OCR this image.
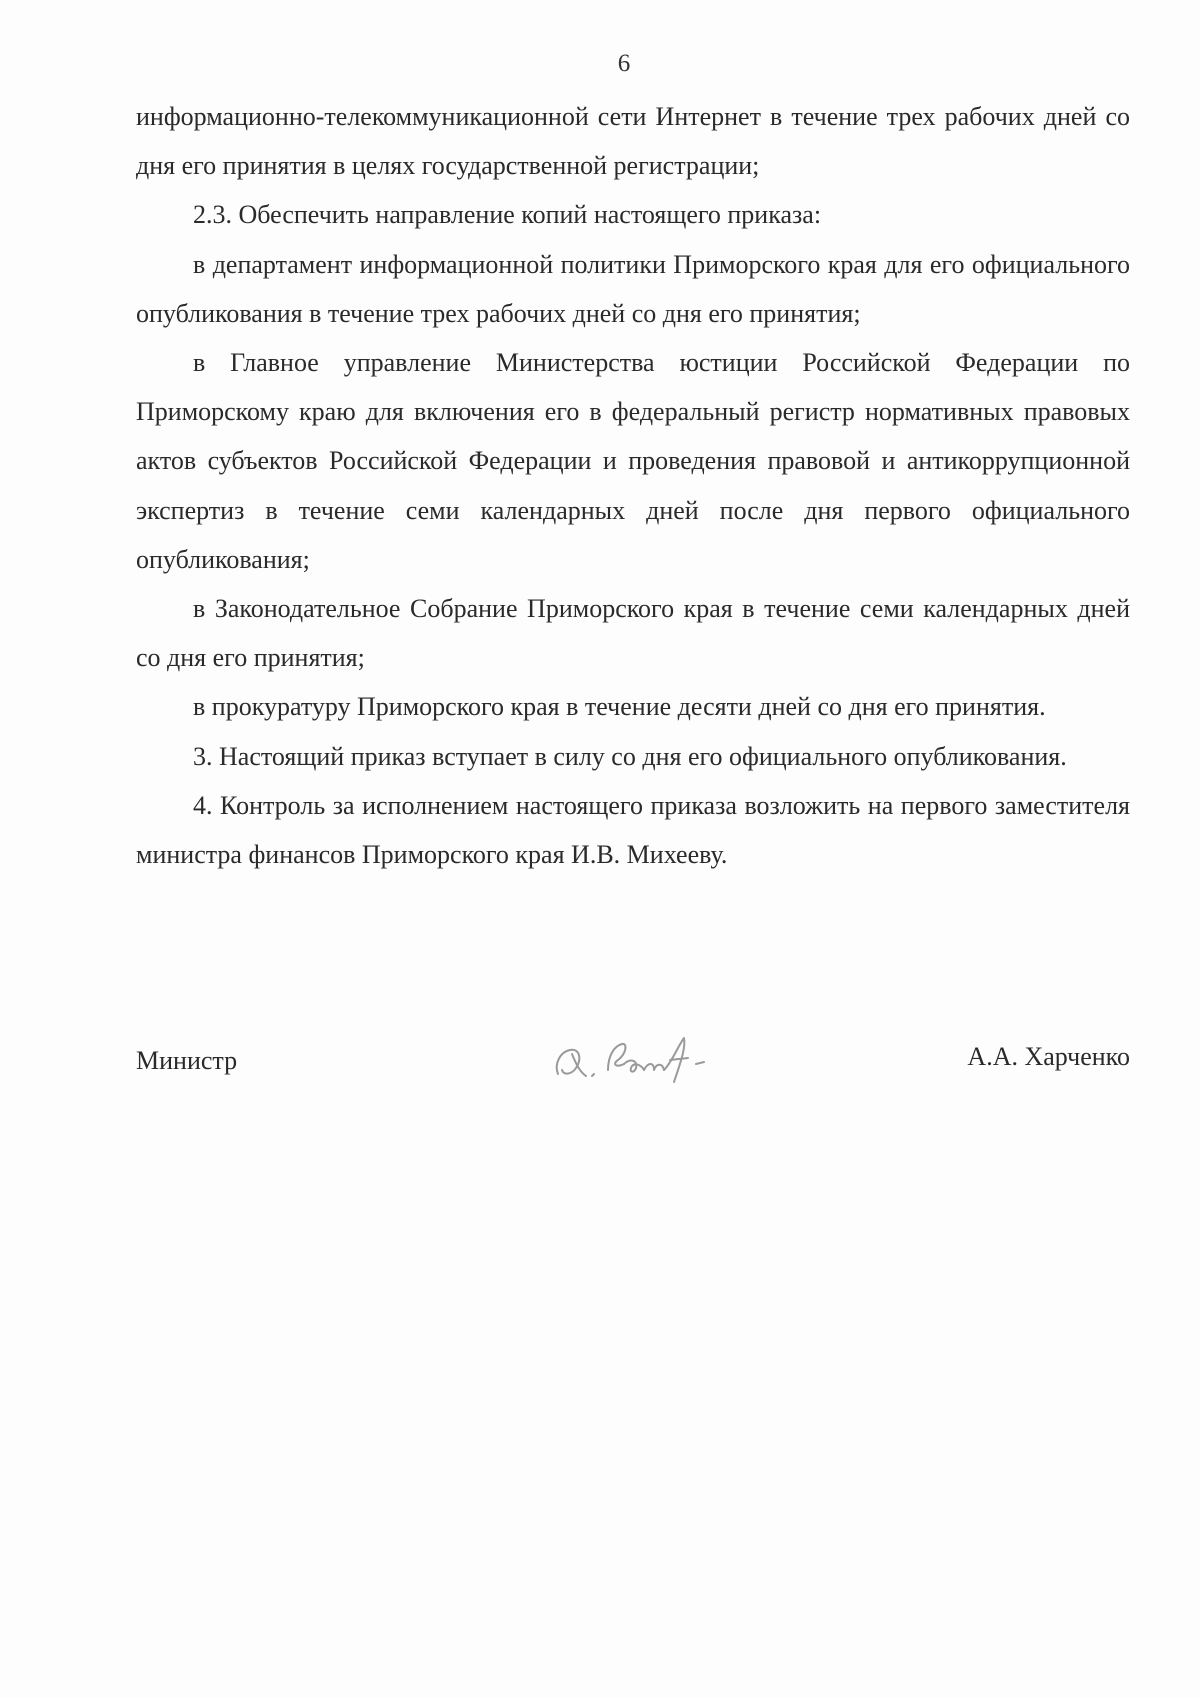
6

информационно-телекоммуникационной сети Интернет в течение трех рабочих дней со дня его принятия в целях государственной регистрации;

2.3. Обеспечить направление копий настоящего приказа:

в департамент информационной политики Приморского края для его официального опубликования в течение трех рабочих дней со дня его принятия;

в Главное управление Министерства юстиции Российской Федерации по Приморскому краю для включения его в федеральный регистр нормативных правовых актов субъектов Российской Федерации и проведения правовой и антикоррупционной экспертиз в течение семи календарных дней после дня первого официального опубликования;

в Законодательное Собрание Приморского края в течение семи календарных дней со дня его принятия;

в прокуратуру Приморского края в течение десяти дней со дня его принятия.

3. Настоящий приказ вступает в силу со дня его официального опубликования.

4. Контроль за исполнением настоящего приказа возложить на первого заместителя министра финансов Приморского края И.В. Михееву.

Министр	А.А. Харченко
